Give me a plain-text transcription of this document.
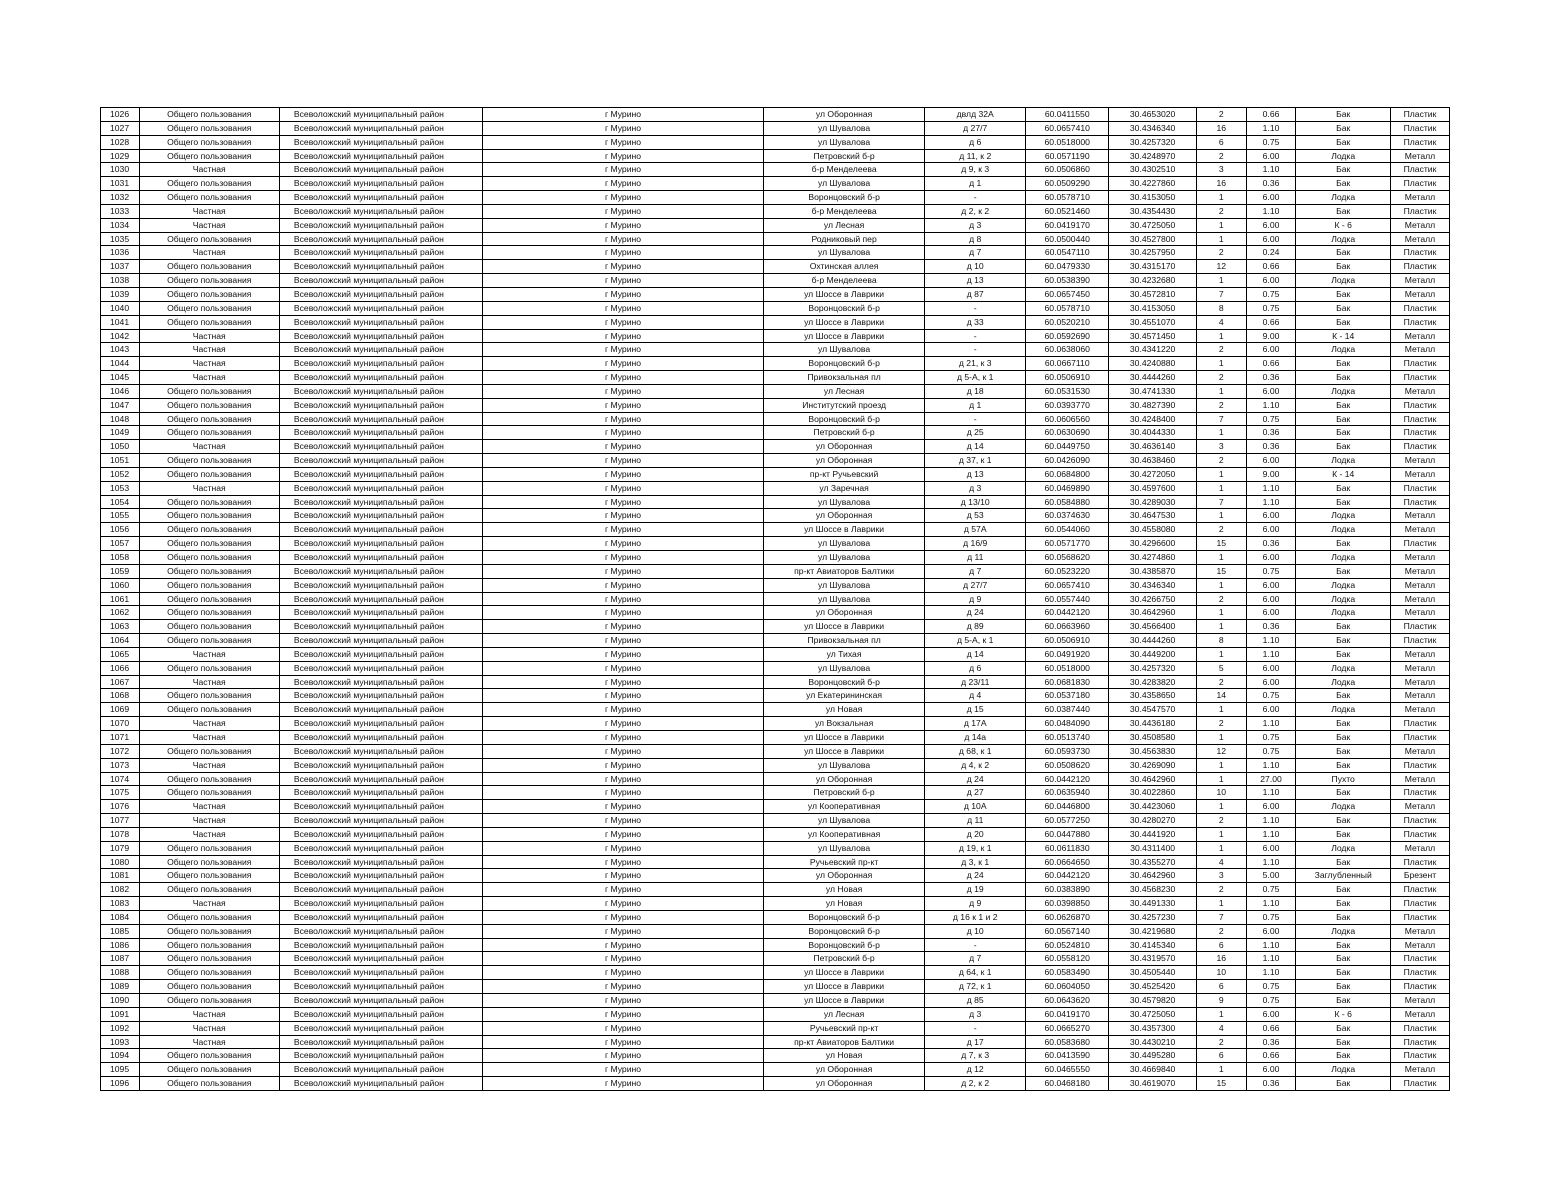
1026	Общего пользования	Всеволожский муниципальный район	г Мурино	ул Оборонная	двлд 32А	60.0411550	30.4653020	2	0.66	Бак	Пластик
1027	Общего пользования	Всеволожский муниципальный район	г Мурино	ул Шувалова	д 27/7	60.0657410	30.4346340	16	1.10	Бак	Пластик
1028	Общего пользования	Всеволожский муниципальный район	г Мурино	ул Шувалова	д 6	60.0518000	30.4257320	6	0.75	Бак	Пластик
1029	Общего пользования	Всеволожский муниципальный район	г Мурино	Петровский б-р	д 11, к 2	60.0571190	30.4248970	2	6.00	Лодка	Металл
1030	Частная	Всеволожский муниципальный район	г Мурино	б-р Менделеева	д 9, к 3	60.0506860	30.4302510	3	1.10	Бак	Пластик
1031	Общего пользования	Всеволожский муниципальный район	г Мурино	ул Шувалова	д 1	60.0509290	30.4227860	16	0.36	Бак	Пластик
1032	Общего пользования	Всеволожский муниципальный район	г Мурино	Воронцовский б-р	-	60.0578710	30.4153050	1	6.00	Лодка	Металл
1033	Частная	Всеволожский муниципальный район	г Мурино	б-р Менделеева	д 2, к 2	60.0521460	30.4354430	2	1.10	Бак	Пластик
1034	Частная	Всеволожский муниципальный район	г Мурино	ул Лесная	д 3	60.0419170	30.4725050	1	6.00	К - 6	Металл
1035	Общего пользования	Всеволожский муниципальный район	г Мурино	Родниковый пер	д 8	60.0500440	30.4527800	1	6.00	Лодка	Металл
1036	Частная	Всеволожский муниципальный район	г Мурино	ул Шувалова	д 7	60.0547110	30.4257950	2	0.24	Бак	Пластик
1037	Общего пользования	Всеволожский муниципальный район	г Мурино	Охтинская аллея	д 10	60.0479330	30.4315170	12	0.66	Бак	Пластик
1038	Общего пользования	Всеволожский муниципальный район	г Мурино	б-р Менделеева	д 13	60.0538390	30.4232680	1	6.00	Лодка	Металл
1039	Общего пользования	Всеволожский муниципальный район	г Мурино	ул Шоссе в Лаврики	д 87	60.0657450	30.4572810	7	0.75	Бак	Металл
1040	Общего пользования	Всеволожский муниципальный район	г Мурино	Воронцовский б-р	-	60.0578710	30.4153050	8	0.75	Бак	Пластик
1041	Общего пользования	Всеволожский муниципальный район	г Мурино	ул Шоссе в Лаврики	д 33	60.0520210	30.4551070	4	0.66	Бак	Пластик
1042	Частная	Всеволожский муниципальный район	г Мурино	ул Шоссе в Лаврики	-	60.0592690	30.4571450	1	9.00	К - 14	Металл
1043	Частная	Всеволожский муниципальный район	г Мурино	ул Шувалова	-	60.0638060	30.4341220	2	6.00	Лодка	Металл
1044	Частная	Всеволожский муниципальный район	г Мурино	Воронцовский б-р	д 21, к 3	60.0667110	30.4240880	1	0.66	Бак	Пластик
1045	Частная	Всеволожский муниципальный район	г Мурино	Привокзальная пл	д 5-А, к 1	60.0506910	30.4444260	2	0.36	Бак	Пластик
1046	Общего пользования	Всеволожский муниципальный район	г Мурино	ул Лесная	д 18	60.0531530	30.4741330	1	6.00	Лодка	Металл
1047	Общего пользования	Всеволожский муниципальный район	г Мурино	Институтский проезд	д 1	60.0393770	30.4827390	2	1.10	Бак	Пластик
1048	Общего пользования	Всеволожский муниципальный район	г Мурино	Воронцовский б-р	-	60.0606560	30.4248400	7	0.75	Бак	Пластик
1049	Общего пользования	Всеволожский муниципальный район	г Мурино	Петровский б-р	д 25	60.0630690	30.4044330	1	0.36	Бак	Пластик
1050	Частная	Всеволожский муниципальный район	г Мурино	ул Оборонная	д 14	60.0449750	30.4636140	3	0.36	Бак	Пластик
1051	Общего пользования	Всеволожский муниципальный район	г Мурино	ул Оборонная	д 37, к 1	60.0426090	30.4638460	2	6.00	Лодка	Металл
1052	Общего пользования	Всеволожский муниципальный район	г Мурино	пр-кт Ручьевский	д 13	60.0684800	30.4272050	1	9.00	К - 14	Металл
1053	Частная	Всеволожский муниципальный район	г Мурино	ул Заречная	д 3	60.0469890	30.4597600	1	1.10	Бак	Пластик
1054	Общего пользования	Всеволожский муниципальный район	г Мурино	ул Шувалова	д 13/10	60.0584880	30.4289030	7	1.10	Бак	Пластик
1055	Общего пользования	Всеволожский муниципальный район	г Мурино	ул Оборонная	д 53	60.0374630	30.4647530	1	6.00	Лодка	Металл
1056	Общего пользования	Всеволожский муниципальный район	г Мурино	ул Шоссе в Лаврики	д 57А	60.0544060	30.4558080	2	6.00	Лодка	Металл
1057	Общего пользования	Всеволожский муниципальный район	г Мурино	ул Шувалова	д 16/9	60.0571770	30.4296600	15	0.36	Бак	Пластик
1058	Общего пользования	Всеволожский муниципальный район	г Мурино	ул Шувалова	д 11	60.0568620	30.4274860	1	6.00	Лодка	Металл
1059	Общего пользования	Всеволожский муниципальный район	г Мурино	пр-кт Авиаторов Балтики	д 7	60.0523220	30.4385870	15	0.75	Бак	Металл
1060	Общего пользования	Всеволожский муниципальный район	г Мурино	ул Шувалова	д 27/7	60.0657410	30.4346340	1	6.00	Лодка	Металл
1061	Общего пользования	Всеволожский муниципальный район	г Мурино	ул Шувалова	д 9	60.0557440	30.4266750	2	6.00	Лодка	Металл
1062	Общего пользования	Всеволожский муниципальный район	г Мурино	ул Оборонная	д 24	60.0442120	30.4642960	1	6.00	Лодка	Металл
1063	Общего пользования	Всеволожский муниципальный район	г Мурино	ул Шоссе в Лаврики	д 89	60.0663960	30.4566400	1	0.36	Бак	Пластик
1064	Общего пользования	Всеволожский муниципальный район	г Мурино	Привокзальная пл	д 5-А, к 1	60.0506910	30.4444260	8	1.10	Бак	Пластик
1065	Частная	Всеволожский муниципальный район	г Мурино	ул Тихая	д 14	60.0491920	30.4449200	1	1.10	Бак	Металл
1066	Общего пользования	Всеволожский муниципальный район	г Мурино	ул Шувалова	д 6	60.0518000	30.4257320	5	6.00	Лодка	Металл
1067	Частная	Всеволожский муниципальный район	г Мурино	Воронцовский б-р	д 23/11	60.0681830	30.4283820	2	6.00	Лодка	Металл
1068	Общего пользования	Всеволожский муниципальный район	г Мурино	ул Екатерининская	д 4	60.0537180	30.4358650	14	0.75	Бак	Металл
1069	Общего пользования	Всеволожский муниципальный район	г Мурино	ул Новая	д 15	60.0387440	30.4547570	1	6.00	Лодка	Металл
1070	Частная	Всеволожский муниципальный район	г Мурино	ул Вокзальная	д 17А	60.0484090	30.4436180	2	1.10	Бак	Пластик
1071	Частная	Всеволожский муниципальный район	г Мурино	ул Шоссе в Лаврики	д 14а	60.0513740	30.4508580	1	0.75	Бак	Пластик
1072	Общего пользования	Всеволожский муниципальный район	г Мурино	ул Шоссе в Лаврики	д 68, к 1	60.0593730	30.4563830	12	0.75	Бак	Металл
1073	Частная	Всеволожский муниципальный район	г Мурино	ул Шувалова	д 4, к 2	60.0508620	30.4269090	1	1.10	Бак	Пластик
1074	Общего пользования	Всеволожский муниципальный район	г Мурино	ул Оборонная	д 24	60.0442120	30.4642960	1	27.00	Пухто	Металл
1075	Общего пользования	Всеволожский муниципальный район	г Мурино	Петровский б-р	д 27	60.0635940	30.4022860	10	1.10	Бак	Пластик
1076	Частная	Всеволожский муниципальный район	г Мурино	ул Кооперативная	д 10А	60.0446800	30.4423060	1	6.00	Лодка	Металл
1077	Частная	Всеволожский муниципальный район	г Мурино	ул Шувалова	д 11	60.0577250	30.4280270	2	1.10	Бак	Пластик
1078	Частная	Всеволожский муниципальный район	г Мурино	ул Кооперативная	д 20	60.0447880	30.4441920	1	1.10	Бак	Пластик
1079	Общего пользования	Всеволожский муниципальный район	г Мурино	ул Шувалова	д 19, к 1	60.0611830	30.4311400	1	6.00	Лодка	Металл
1080	Общего пользования	Всеволожский муниципальный район	г Мурино	Ручьевский пр-кт	д 3, к 1	60.0664650	30.4355270	4	1.10	Бак	Пластик
1081	Общего пользования	Всеволожский муниципальный район	г Мурино	ул Оборонная	д 24	60.0442120	30.4642960	3	5.00	Заглубленный	Брезент
1082	Общего пользования	Всеволожский муниципальный район	г Мурино	ул Новая	д 19	60.0383890	30.4568230	2	0.75	Бак	Пластик
1083	Частная	Всеволожский муниципальный район	г Мурино	ул Новая	д 9	60.0398850	30.4491330	1	1.10	Бак	Пластик
1084	Общего пользования	Всеволожский муниципальный район	г Мурино	Воронцовский б-р	д 16 к 1 и 2	60.0626870	30.4257230	7	0.75	Бак	Пластик
1085	Общего пользования	Всеволожский муниципальный район	г Мурино	Воронцовский б-р	д 10	60.0567140	30.4219680	2	6.00	Лодка	Металл
1086	Общего пользования	Всеволожский муниципальный район	г Мурино	Воронцовский б-р	-	60.0524810	30.4145340	6	1.10	Бак	Металл
1087	Общего пользования	Всеволожский муниципальный район	г Мурино	Петровский б-р	д 7	60.0558120	30.4319570	16	1.10	Бак	Пластик
1088	Общего пользования	Всеволожский муниципальный район	г Мурино	ул Шоссе в Лаврики	д 64, к 1	60.0583490	30.4505440	10	1.10	Бак	Пластик
1089	Общего пользования	Всеволожский муниципальный район	г Мурино	ул Шоссе в Лаврики	д 72, к 1	60.0604050	30.4525420	6	0.75	Бак	Пластик
1090	Общего пользования	Всеволожский муниципальный район	г Мурино	ул Шоссе в Лаврики	д 85	60.0643620	30.4579820	9	0.75	Бак	Металл
1091	Частная	Всеволожский муниципальный район	г Мурино	ул Лесная	д 3	60.0419170	30.4725050	1	6.00	К - 6	Металл
1092	Частная	Всеволожский муниципальный район	г Мурино	Ручьевский пр-кт	-	60.0665270	30.4357300	4	0.66	Бак	Пластик
1093	Частная	Всеволожский муниципальный район	г Мурино	пр-кт Авиаторов Балтики	д 17	60.0583680	30.4430210	2	0.36	Бак	Пластик
1094	Общего пользования	Всеволожский муниципальный район	г Мурино	ул Новая	д 7, к 3	60.0413590	30.4495280	6	0.66	Бак	Пластик
1095	Общего пользования	Всеволожский муниципальный район	г Мурино	ул Оборонная	д 12	60.0465550	30.4669840	1	6.00	Лодка	Металл
1096	Общего пользования	Всеволожский муниципальный район	г Мурино	ул Оборонная	д 2, к 2	60.0468180	30.4619070	15	0.36	Бак	Пластик
